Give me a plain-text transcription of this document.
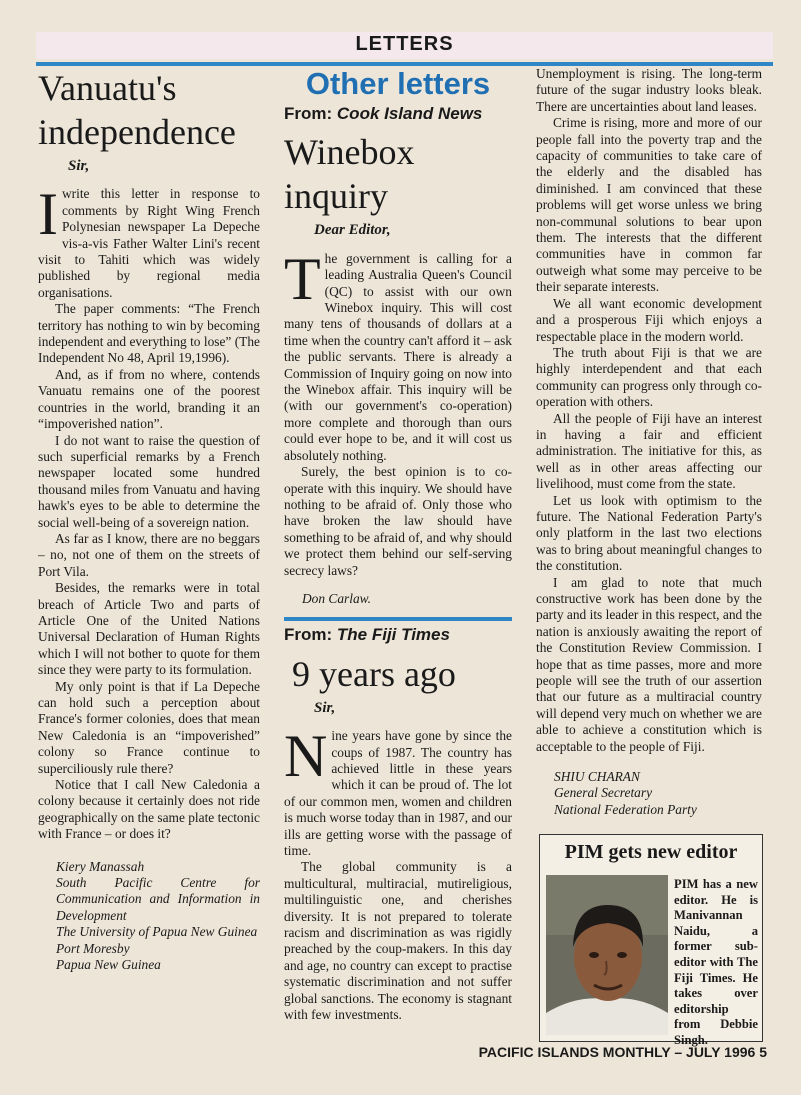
LETTERS
Vanuatu's independence
Sir,
I write this letter in response to comments by Right Wing French Polynesian newspaper La Depeche vis-a-vis Father Walter Lini's recent visit to Tahiti which was widely published by regional media organisations.

The paper comments: “The French territory has nothing to win by becoming independent and everything to lose” (The Independent No 48, April 19,1996).

And, as if from no where, contends Vanuatu remains one of the poorest countries in the world, branding it an “impoverished nation”.

I do not want to raise the question of such superficial remarks by a French newspaper located some hundred thousand miles from Vanuatu and having hawk's eyes to be able to determine the social well-being of a sovereign nation.

As far as I know, there are no beggars – no, not one of them on the streets of Port Vila.

Besides, the remarks were in total breach of Article Two and parts of Article One of the United Nations Universal Declaration of Human Rights which I will not bother to quote for them since they were party to its formulation.

My only point is that if La Depeche can hold such a perception about France's former colonies, does that mean New Caledonia is an “impoverished” colony so France continue to superciliously rule there?

Notice that I call New Caledonia a colony because it certainly does not ride geographically on the same plate tectonic with France – or does it?

Kiery Manassah
South Pacific Centre for Communication and Information in Development
The University of Papua New Guinea
Port Moresby
Papua New Guinea
Other letters
From: Cook Island News
Winebox inquiry
Dear Editor,
T he government is calling for a leading Australia Queen's Council (QC) to assist with our own Winebox inquiry. This will cost many tens of thousands of dollars at a time when the country can't afford it – ask the public servants. There is already a Commission of Inquiry going on now into the Winebox affair. This inquiry will be (with our government's co-operation) more complete and thorough than ours could ever hope to be, and it will cost us absolutely nothing.

Surely, the best opinion is to co-operate with this inquiry. We should have nothing to be afraid of. Only those who have broken the law should have something to be afraid of, and why should we protect them behind our self-serving secrecy laws?

Don Carlaw.
From: The Fiji Times
9 years ago
Sir,
N ine years have gone by since the coups of 1987. The country has achieved little in these years which it can be proud of. The lot of our common men, women and children is much worse today than in 1987, and our ills are getting worse with the passage of time.

The global community is a multicultural, multiracial, mutireligious, multilinguistic one, and cherishes diversity. It is not prepared to tolerate racism and discrimination as was rigidly preached by the coup-makers. In this day and age, no country can except to practise systematic discrimination and not suffer global sanctions. The economy is stagnant with few investments.

Unemployment is rising. The long-term future of the sugar industry looks bleak. There are uncertainties about land leases.

Crime is rising, more and more of our people fall into the poverty trap and the capacity of communities to take care of the elderly and the disabled has diminished. I am convinced that these problems will get worse unless we bring non-communal solutions to bear upon them. The interests that the different communities have in common far outweigh what some may perceive to be their separate interests.

We all want economic development and a prosperous Fiji which enjoys a respectable place in the modern world.

The truth about Fiji is that we are highly interdependent and that each community can progress only through co-operation with others.

All the people of Fiji have an interest in having a fair and efficient administration. The initiative for this, as well as in other areas affecting our livelihood, must come from the state.

Let us look with optimism to the future. The National Federation Party's only platform in the last two elections was to bring about meaningful changes to the constitution.

I am glad to note that much constructive work has been done by the party and its leader in this respect, and the nation is anxiously awaiting the report of the Constitution Review Commission. I hope that as time passes, more and more people will see the truth of our assertion that our future as a multiracial country will depend very much on whether we are able to achieve a constitution which is acceptable to the people of Fiji.

SHIU CHARAN
General Secretary
National Federation Party
PIM gets new editor
PIM has a new editor. He is Manivannan Naidu, a former sub-editor with The Fiji Times. He takes over editorship from Debbie Singh.
PACIFIC ISLANDS MONTHLY – JULY 1996 5
